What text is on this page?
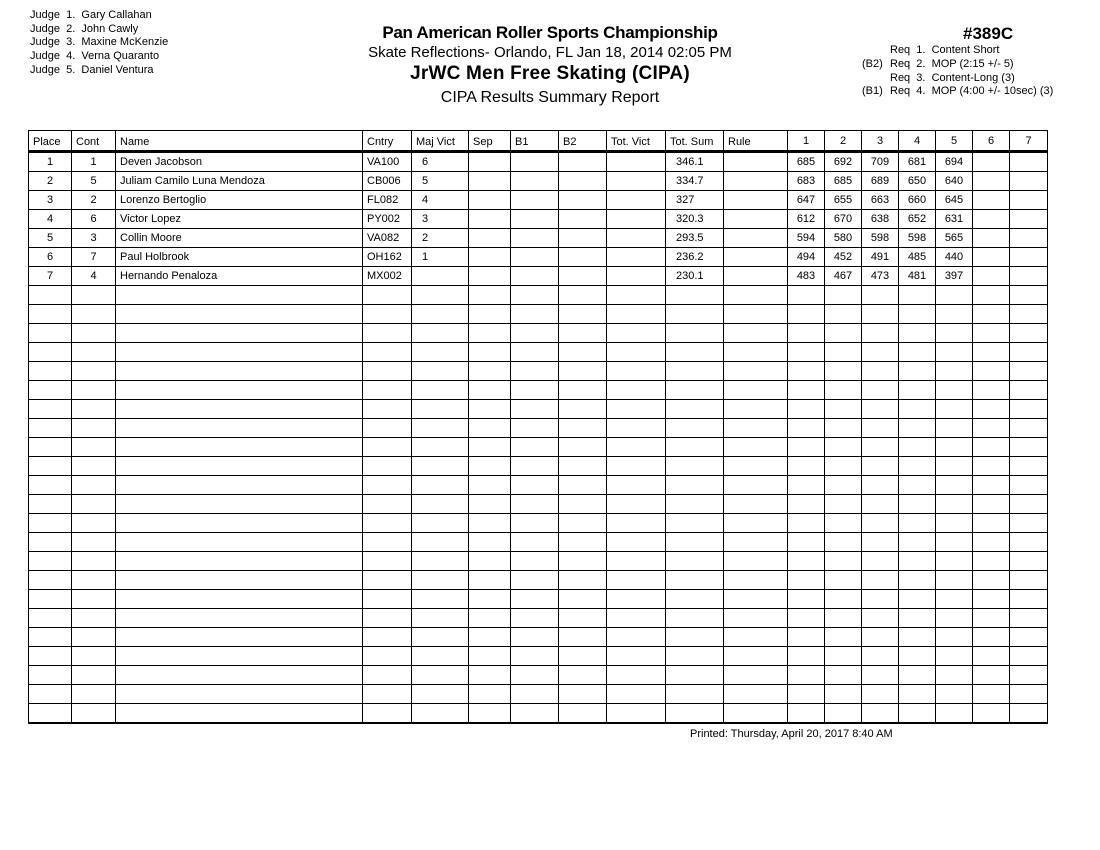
Judge  1. Gary Callahan
Judge  2. John Cawly
Judge  3. Maxine McKenzie
Judge  4. Verna Quaranto
Judge  5. Daniel Ventura
Pan American Roller Sports Championship
Skate Reflections- Orlando, FL Jan 18, 2014 02:05 PM
JrWC Men Free Skating (CIPA)
CIPA Results Summary Report
#389C
Req  1.  Content Short
(B2) Req  2.  MOP (2:15 +/- 5)
Req  3.  Content-Long (3)
(B1) Req  4.  MOP (4:00 +/- 10sec) (3)
Place	Cont	Name	Cntry	Maj Vict	Sep	B1	B2	Tot. Vict	Tot. Sum	Rule	1	2	3	4	5	6	7
1	1	Deven Jacobson	VA100	6					346.1		685	692	709	681	694		
2	5	Juliam Camilo Luna Mendoza	CB006	5					334.7		683	685	689	650	640		
3	2	Lorenzo Bertoglio	FL082	4					327		647	655	663	660	645		
4	6	Victor Lopez	PY002	3					320.3		612	670	638	652	631		
5	3	Collin Moore	VA082	2					293.5		594	580	598	598	565		
6	7	Paul Holbrook	OH162	1					236.2		494	452	491	485	440		
7	4	Hernando Penaloza	MX002						230.1		483	467	473	481	397		

Printed: Thursday, April 20, 2017 8:40 AM
